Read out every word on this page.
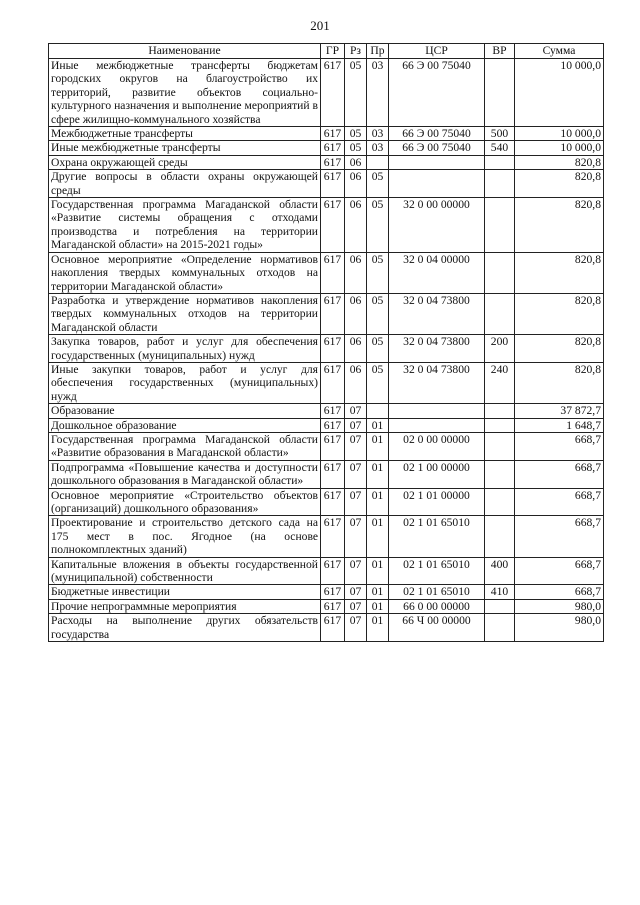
201
Наименование	ГР	Рз	Пр	ЦСР	ВР	Сумма
Иные межбюджетные трансферты бюджетам городских округов на благоустройство их территорий, развитие объектов социально-культурного назначения и выполнение мероприятий в сфере жилищно-коммунального хозяйства	617	05	03	66 Э 00 75040		10 000,0
Межбюджетные трансферты	617	05	03	66 Э 00 75040	500	10 000,0
Иные межбюджетные трансферты	617	05	03	66 Э 00 75040	540	10 000,0
Охрана окружающей среды	617	06				820,8
Другие вопросы в области охраны окружающей среды	617	06	05			820,8
Государственная программа Магаданской области «Развитие системы обращения с отходами производства и потребления на территории Магаданской области» на 2015-2021 годы»	617	06	05	32 0 00 00000		820,8
Основное мероприятие «Определение нормативов накопления твердых коммунальных отходов на территории Магаданской области»	617	06	05	32 0 04 00000		820,8
Разработка и утверждение нормативов накопления твердых коммунальных отходов на территории Магаданской области	617	06	05	32 0 04 73800		820,8
Закупка товаров, работ и услуг для обеспечения государственных (муниципальных) нужд	617	06	05	32 0 04 73800	200	820,8
Иные закупки товаров, работ и услуг для обеспечения государственных (муниципальных) нужд	617	06	05	32 0 04 73800	240	820,8
Образование	617	07				37 872,7
Дошкольное образование	617	07	01			1 648,7
Государственная программа Магаданской области «Развитие образования в Магаданской области»	617	07	01	02 0 00 00000		668,7
Подпрограмма «Повышение качества и доступности дошкольного образования в Магаданской области»	617	07	01	02 1 00 00000		668,7
Основное мероприятие «Строительство объектов (организаций) дошкольного образования»	617	07	01	02 1 01 00000		668,7
Проектирование и строительство детского сада на 175 мест в пос. Ягодное (на основе полнокомплектных зданий)	617	07	01	02 1 01 65010		668,7
Капитальные вложения в объекты государственной (муниципальной) собственности	617	07	01	02 1 01 65010	400	668,7
Бюджетные инвестиции	617	07	01	02 1 01 65010	410	668,7
Прочие непрограммные мероприятия	617	07	01	66 0 00 00000		980,0
Расходы на выполнение других обязательств государства	617	07	01	66 Ч 00 00000		980,0
